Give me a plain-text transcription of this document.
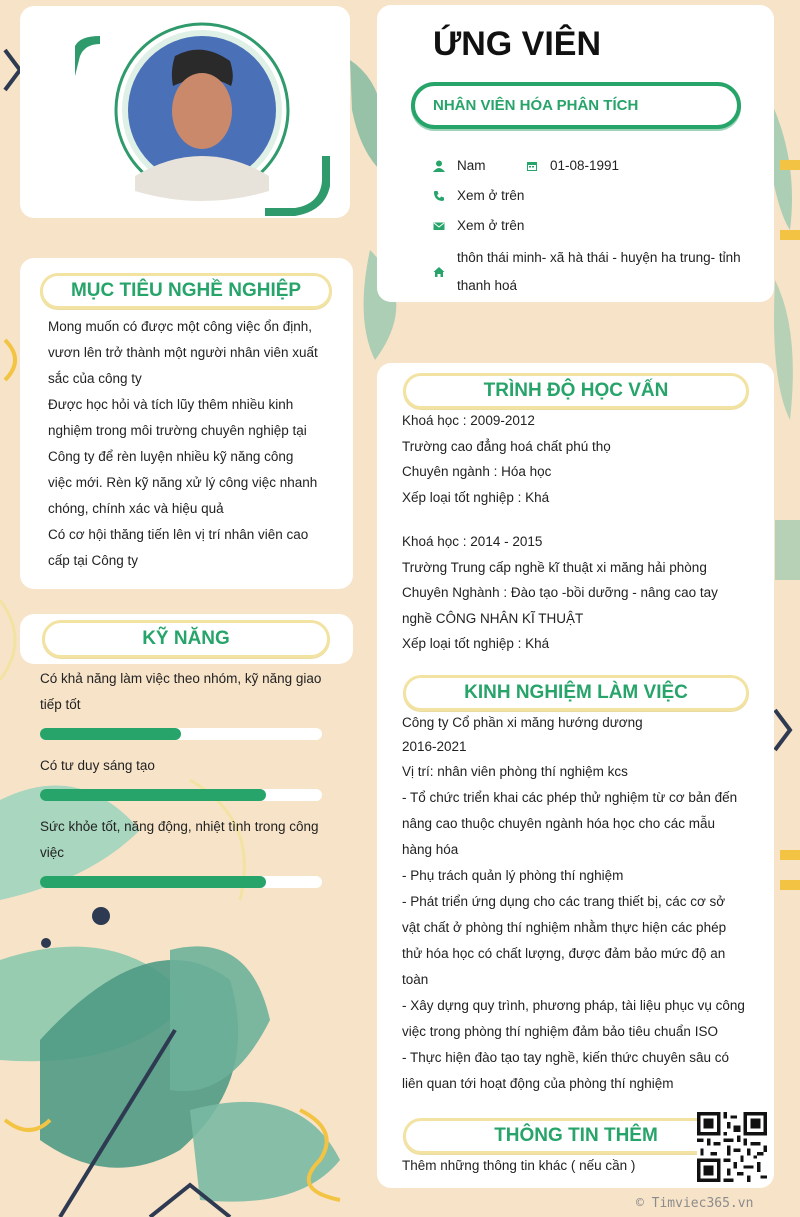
ỨNG VIÊN
NHÂN VIÊN HÓA PHÂN TÍCH
Nam	01-08-1991
Xem ở trên
Xem ở trên
thôn thái minh- xã hà thái - huyện ha trung- tỉnh
thanh hoá
MỤC TIÊU NGHỀ NGHIỆP
Mong muốn có được một công việc ổn định,
vươn lên trở thành một người nhân viên xuất
sắc của công ty
Được học hỏi và tích lũy thêm nhiều kinh
nghiệm trong môi trường chuyên nghiệp tại
Công ty để rèn luyện nhiều kỹ năng công
việc mới. Rèn kỹ năng xử lý công việc nhanh
chóng, chính xác và hiệu quả
Có cơ hội thăng tiến lên vị trí nhân viên cao
cấp tại Công ty
KỸ NĂNG
Có khả năng làm việc theo nhóm, kỹ năng giao
tiếp tốt
Có tư duy sáng tạo
Sức khỏe tốt, năng động, nhiệt tình trong công
việc
TRÌNH ĐỘ HỌC VẤN
Khoá học : 2009-2012
Trường cao đẳng hoá chất phú thọ
Chuyên ngành : Hóa học
Xếp loại tốt nghiệp : Khá
Khoá học : 2014 - 2015
Trường Trung cấp nghề kĩ thuật xi măng hải phòng
Chuyên Nghành : Đào tạo -bồi dưỡng - nâng cao tay
nghề CÔNG NHÂN KĨ THUẬT
Xếp loại tốt nghiệp : Khá
KINH NGHIỆM LÀM VIỆC
Công ty Cổ phần xi măng hướng dương
2016-2021
Vị trí: nhân viên phòng thí nghiệm kcs
- Tổ chức triển khai các phép thử nghiệm từ cơ bản đến
nâng cao thuộc chuyên ngành hóa học cho các mẫu
hàng hóa
- Phụ trách quản lý phòng thí nghiệm
- Phát triển ứng dụng cho các trang thiết bị, các cơ sở
vật chất ở phòng thí nghiệm nhằm thực hiện các phép
thử hóa học có chất lượng, được đảm bảo mức độ an
toàn
- Xây dựng quy trình, phương pháp, tài liệu phục vụ công
việc trong phòng thí nghiệm đảm bảo tiêu chuẩn ISO
- Thực hiện đào tạo tay nghề, kiến thức chuyên sâu có
liên quan tới hoạt động của phòng thí nghiệm
THÔNG TIN THÊM
Thêm những thông tin khác ( nếu cần )
© Timviec365.vn
